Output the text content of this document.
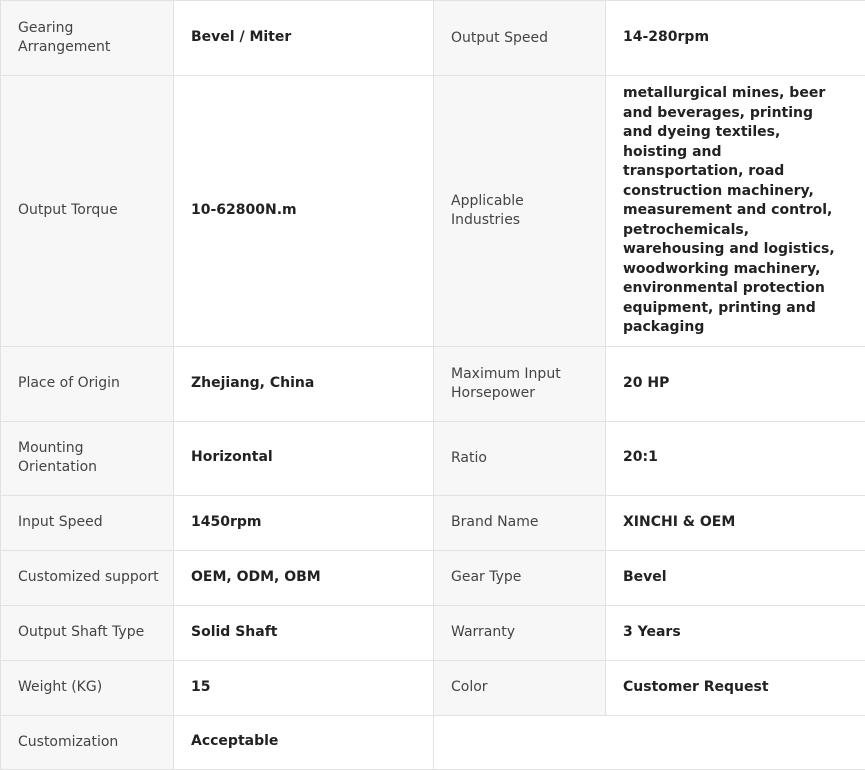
Gearing Arrangement	Bevel / Miter	Output Speed	14-280rpm
Output Torque	10-62800N.m	Applicable Industries	metallurgical mines, beer and beverages, printing and dyeing textiles, hoisting and transportation, road construction machinery, measurement and control, petrochemicals, warehousing and logistics, woodworking machinery, environmental protection equipment, printing and packaging
Place of Origin	Zhejiang, China	Maximum Input Horsepower	20 HP
Mounting Orientation	Horizontal	Ratio	20:1
Input Speed	1450rpm	Brand Name	XINCHI & OEM
Customized support	OEM, ODM, OBM	Gear Type	Bevel
Output Shaft Type	Solid Shaft	Warranty	3 Years
Weight (KG)	15	Color	Customer Request
Customization	Acceptable		
